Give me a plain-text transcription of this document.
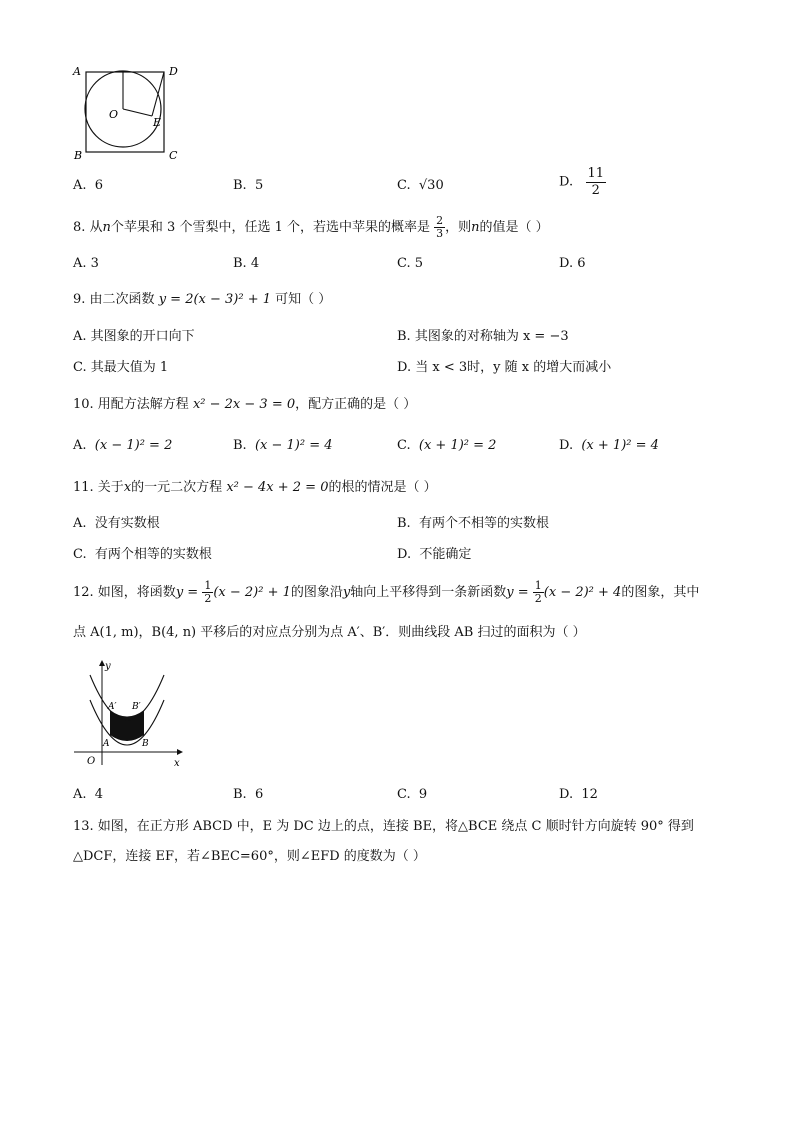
A	D
O
E
B	C
A. 6	B. 5	C. √30	D. $\frac{11}{2}$
8. 从n个苹果和 3 个雪梨中，任选 1 个，若选中苹果的概率是 $\frac{2}{3}$ ，则n的值是（ ）
A. 3	B. 4	C. 5	D. 6
9. 由二次函数 y = 2(x − 3)² + 1 可知（ ）
A. 其图象的开口向下	B. 其图象的对称轴为 x = −3
C. 其最大值为 1	D. 当 x < 3时，y 随 x 的增大而减小
10. 用配方法解方程 x² − 2x − 3 = 0，配方正确的是（ ）
A. (x − 1)² = 2	B. (x − 1)² = 4	C. (x + 1)² = 2	D. (x + 1)² = 4
11. 关于x的一元二次方程 x² − 4x + 2 = 0的根的情况是（ ）
A. 没有实数根	B. 有两个不相等的实数根
C. 有两个相等的实数根	D. 不能确定
12. 如图，将函数$y = \frac{1}{2} (x - 2)^2 + 1$的图象沿y轴向上平移得到一条新函数$y = \frac{1}{2} (x - 2)^2 + 4$的图象，其中
点 A(1, m)，B(4, n) 平移后的对应点分别为点 A′、B′．则曲线段 AB 扫过的面积为（ ）
y
x
O
A	B
A′ B′
A. 4	B. 6	C. 9	D. 12
13. 如图，在正方形 ABCD 中，E 为 DC 边上的点，连接 BE，将△BCE 绕点 C 顺时针方向旋转 90° 得到
△DCF，连接 EF，若∠BEC=60°，则∠EFD 的度数为（ ）
